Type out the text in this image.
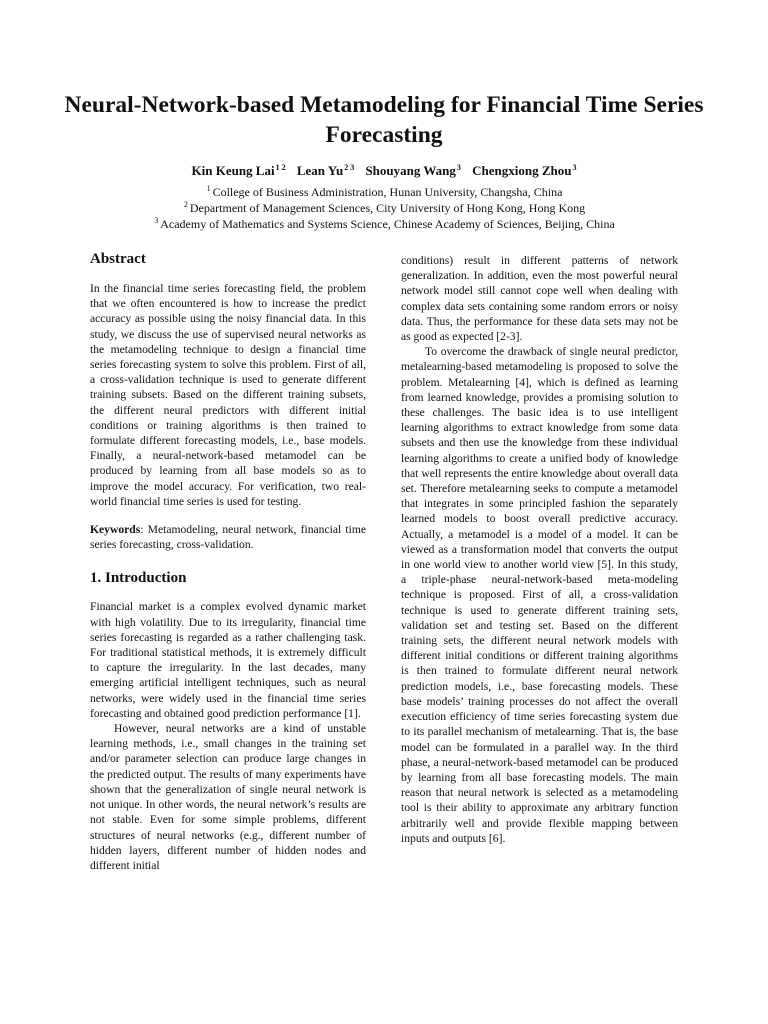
Neural-Network-based Metamodeling for Financial Time Series Forecasting
Kin Keung Lai$^{1 2}$ Lean $Yu^{2 3}$ Shouyang Wang$^3$ Chengxiong Zhou$^3$
$^1$ College of Business Administration, Hunan University, Changsha, China
$^2$ Department of Management Sciences, City University of Hong Kong, Hong Kong
$^3$ Academy of Mathematics and Systems Science, Chinese Academy of Sciences, Beijing, China
Abstract

In the financial time series forecasting field, the problem that we often encountered is how to increase the predict accuracy as possible using the noisy financial data. In this study, we discuss the use of supervised neural networks as the metamodeling technique to design a financial time series forecasting system to solve this problem. First of all, a cross-validation technique is used to generate different training subsets. Based on the different training subsets, the different neural predictors with different initial conditions or training algorithms is then trained to formulate different forecasting models, i.e., base models. Finally, a neural-network-based metamodel can be produced by learning from all base models so as to improve the model accuracy. For verification, two real-world financial time series is used for testing.

Keywords: Metamodeling, neural network, financial time series forecasting, cross-validation.

1. Introduction

Financial market is a complex evolved dynamic market with high volatility. Due to its irregularity, financial time series forecasting is regarded as a rather challenging task. For traditional statistical methods, it is extremely difficult to capture the irregularity. In the last decades, many emerging artificial intelligent techniques, such as neural networks, were widely used in the financial time series forecasting and obtained good prediction performance [1].

However, neural networks are a kind of unstable learning methods, i.e., small changes in the training set and/or parameter selection can produce large changes in the predicted output. The results of many experiments have shown that the generalization of single neural network is not unique. In other words, the neural network’s results are not stable. Even for some simple problems, different structures of neural networks (e.g., different number of hidden layers, different number of hidden nodes and different initial

conditions) result in different patterns of network generalization. In addition, even the most powerful neural network model still cannot cope well when dealing with complex data sets containing some random errors or noisy data. Thus, the performance for these data sets may not be as good as expected [2-3].

To overcome the drawback of single neural predictor, metalearning-based metamodeling is proposed to solve the problem. Metalearning [4], which is defined as learning from learned knowledge, provides a promising solution to these challenges. The basic idea is to use intelligent learning algorithms to extract knowledge from some data subsets and then use the knowledge from these individual learning algorithms to create a unified body of knowledge that well represents the entire knowledge about overall data set. Therefore metalearning seeks to compute a metamodel that integrates in some principled fashion the separately learned models to boost overall predictive accuracy. Actually, a metamodel is a model of a model. It can be viewed as a transformation model that converts the output in one world view to another world view [5]. In this study, a triple-phase neural-network-based meta-modeling technique is proposed. First of all, a cross-validation technique is used to generate different training sets, validation set and testing set. Based on the different training sets, the different neural network models with different initial conditions or different training algorithms is then trained to formulate different neural network prediction models, i.e., base forecasting models. These base models’ training processes do not affect the overall execution efficiency of time series forecasting system due to its parallel mechanism of metalearning. That is, the base model can be formulated in a parallel way. In the third phase, a neural-network-based metamodel can be produced by learning from all base forecasting models. The main reason that neural network is selected as a metamodeling tool is their ability to approximate any arbitrary function arbitrarily well and provide flexible mapping between inputs and outputs [6].
